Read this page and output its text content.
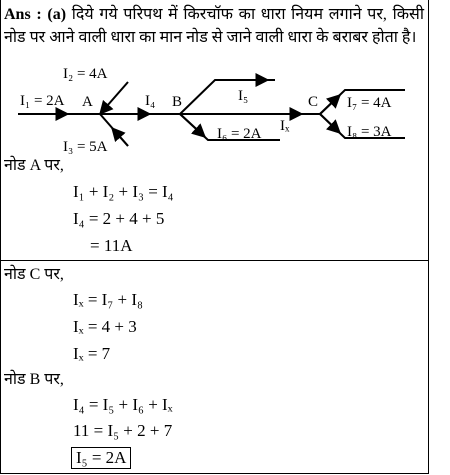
Ans : (a) दिये गये परिपथ में किरचॉफ का धारा नियम लगाने पर, किसी नोड पर आने वाली धारा का मान नोड से जाने वाली धारा के बराबर होता है।
I₁ = 2A
I₂ = 4A
I₃ = 5A
I₄	I₅
I₆ = 2A Iₓ
I₇ = 4A
I₈ = 3A
A	B	C
नोड A पर,
I₁ + I₂ + I₃ = I₄
I₄ = 2 + 4 + 5
= 11A
नोड C पर,
Iₓ = I₇ + I₈
Iₓ = 4 + 3
Iₓ = 7
नोड B पर,
I₄ = I₅ + I₆ + Iₓ
11 = I₅ + 2 + 7
I₅ = 2A
